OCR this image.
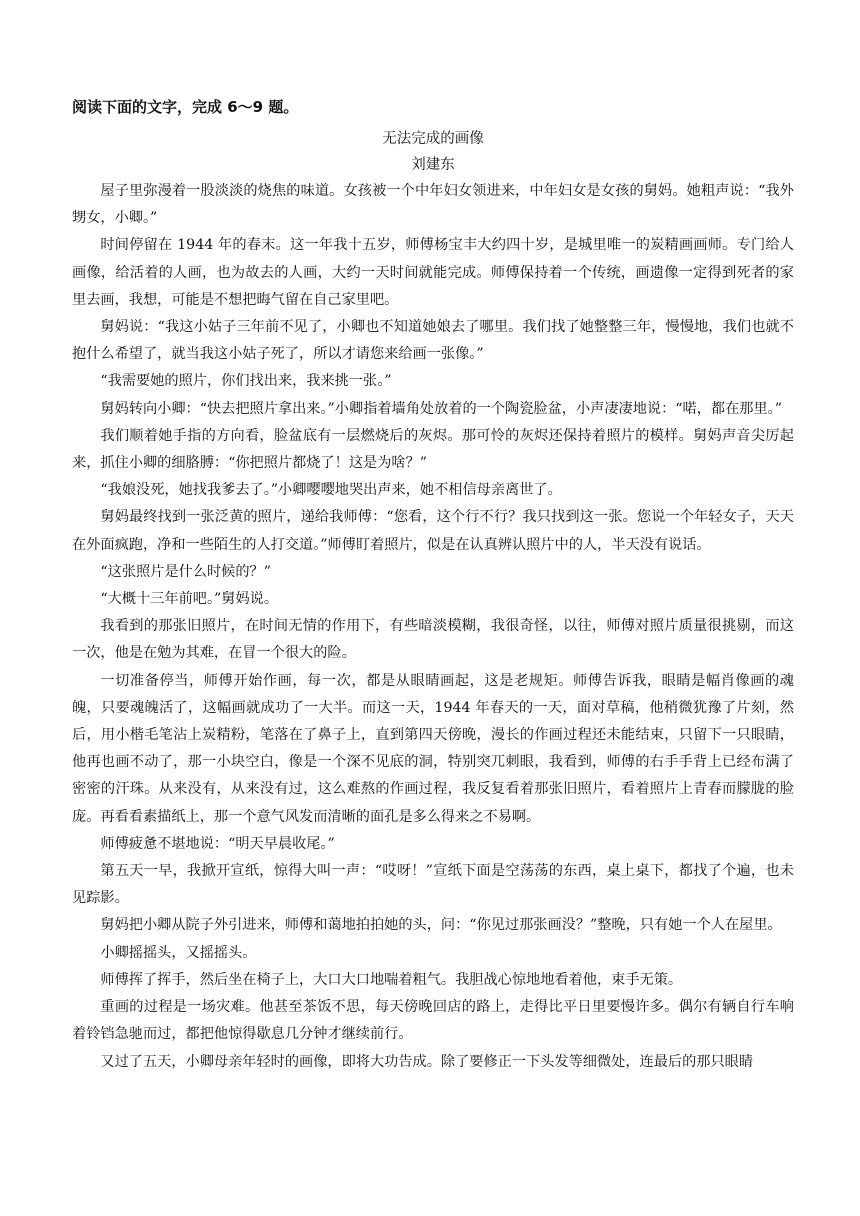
阅读下面的文字，完成 6～9 题。

无法完成的画像

刘建东

屋子里弥漫着一股淡淡的烧焦的味道。女孩被一个中年妇女领进来，中年妇女是女孩的舅妈。她粗声说：“我外甥女，小卿。”

时间停留在 1944 年的春末。这一年我十五岁，师傅杨宝丰大约四十岁，是城里唯一的炭精画画师。专门给人画像，给活着的人画，也为故去的人画，大约一天时间就能完成。师傅保持着一个传统，画遗像一定得到死者的家里去画，我想，可能是不想把晦气留在自己家里吧。

舅妈说：“我这小姑子三年前不见了，小卿也不知道她娘去了哪里。我们找了她整整三年，慢慢地，我们也就不抱什么希望了，就当我这小姑子死了，所以才请您来给画一张像。”

“我需要她的照片，你们找出来，我来挑一张。”

舅妈转向小卿：“快去把照片拿出来。”小卿指着墙角处放着的一个陶瓷脸盆，小声凄凄地说：“喏，都在那里。”

我们顺着她手指的方向看，脸盆底有一层燃烧后的灰烬。那可怜的灰烬还保持着照片的模样。舅妈声音尖厉起来，抓住小卿的细胳膊：“你把照片都烧了！这是为啥？”

“我娘没死，她找我爹去了。”小卿嘤嘤地哭出声来，她不相信母亲离世了。

舅妈最终找到一张泛黄的照片，递给我师傅：“您看，这个行不行？我只找到这一张。您说一个年轻女子，天天在外面疯跑，净和一些陌生的人打交道。”师傅盯着照片，似是在认真辨认照片中的人，半天没有说话。

“这张照片是什么时候的？”

“大概十三年前吧。”舅妈说。

我看到的那张旧照片，在时间无情的作用下，有些暗淡模糊，我很奇怪，以往，师傅对照片质量很挑剔，而这一次，他是在勉为其难，在冒一个很大的险。

一切准备停当，师傅开始作画，每一次，都是从眼睛画起，这是老规矩。师傅告诉我，眼睛是幅肖像画的魂魄，只要魂魄活了，这幅画就成功了一大半。而这一天，1944 年春天的一天，面对草稿，他稍微犹豫了片刻，然后，用小楷毛笔沾上炭精粉，笔落在了鼻子上，直到第四天傍晚，漫长的作画过程还未能结束，只留下一只眼睛，他再也画不动了，那一小块空白，像是一个深不见底的洞，特别突兀刺眼，我看到，师傅的右手手背上已经布满了密密的汗珠。从来没有，从来没有过，这么难熬的作画过程，我反复看着那张旧照片，看着照片上青春而朦胧的脸庞。再看看素描纸上，那一个意气风发而清晰的面孔是多么得来之不易啊。

师傅疲惫不堪地说：“明天早晨收尾。”

第五天一早，我掀开宣纸，惊得大叫一声：“哎呀！”宣纸下面是空荡荡的东西，桌上桌下，都找了个遍，也未见踪影。

舅妈把小卿从院子外引进来，师傅和蔼地拍拍她的头，问：“你见过那张画没？”整晚，只有她一个人在屋里。

小卿摇摇头，又摇摇头。

师傅挥了挥手，然后坐在椅子上，大口大口地喘着粗气。我胆战心惊地地看着他，束手无策。

重画的过程是一场灾难。他甚至茶饭不思，每天傍晚回店的路上，走得比平日里要慢许多。偶尔有辆自行车响着铃铛急驰而过，都把他惊得歇息几分钟才继续前行。

又过了五天，小卿母亲年轻时的画像，即将大功告成。除了要修正一下头发等细微处，连最后的那只眼睛
